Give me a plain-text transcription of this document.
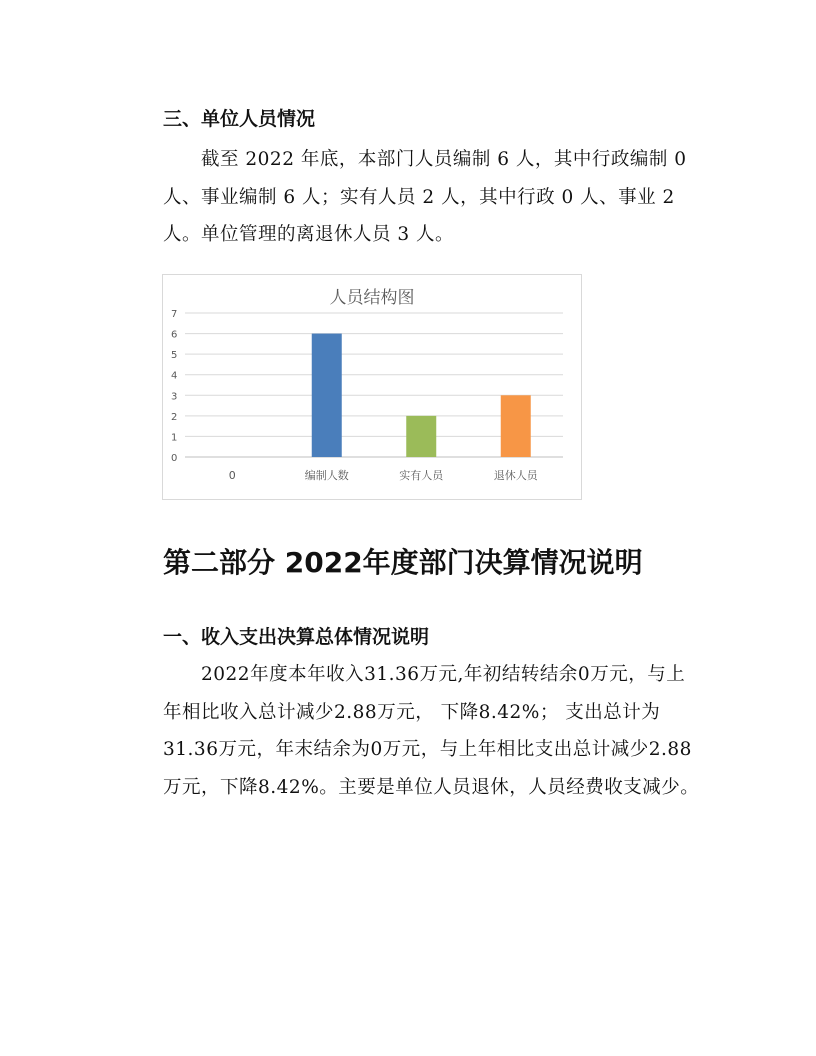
三、单位人员情况

　　截至 2022 年底，本部门人员编制 6 人，其中行政编制 0 人、事业编制 6 人；实有人员 2 人，其中行政 0 人、事业 2 人。单位管理的离退休人员 3 人。

人员结构图
0
1
2
3
4
5
6
7
0	编制人数	实有人员	退休人员
第二部分 2022年度部门决算情况说明
一、收入支出决算总体情况说明

　　2022年度本年收入31.36万元,年初结转结余0万元，与上年相比收入总计减少2.88万元， 下降8.42%； 支出总计为31.36万元，年末结余为0万元，与上年相比支出总计减少2.88万元，下降8.42%。主要是单位人员退休，人员经费收支减少。
